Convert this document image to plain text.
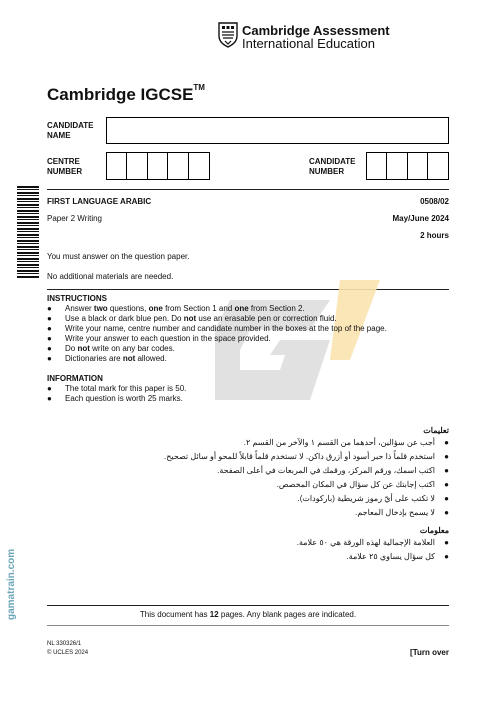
Cambridge Assessment
International Education
Cambridge IGCSE™
CANDIDATE
NAME
CENTRE
NUMBER
CANDIDATE
NUMBER
FIRST LANGUAGE ARABIC	0508/02
Paper 2 Writing	May/June 2024
2 hours
You must answer on the question paper.
No additional materials are needed.
INSTRUCTIONS
●	Answer two questions, one from Section 1 and one from Section 2.
●	Use a black or dark blue pen. Do not use an erasable pen or correction fluid.
●	Write your name, centre number and candidate number in the boxes at the top of the page.
●	Write your answer to each question in the space provided.
●	Do not write on any bar codes.
●	Dictionaries are not allowed.
INFORMATION
●	The total mark for this paper is 50.
●	Each question is worth 25 marks.
تعليمات
●
أجب عن سؤالين، أحدهما من القسم ١ والآخر من القسم ٢.
●
استخدم قلماً ذا حبر أسود أو أزرق داكن. لا تستخدم قلماً قابلاً للمحو أو سائل تصحيح.
●
اكتب اسمك، ورقم المركز، ورقمك في المربعات في أعلى الصفحة.
●
اكتب إجابتك عن كل سؤال في المكان المخصص.
●
لا تكتب على أيّ رموز شريطية (باركودات).
●
لا يسمح بإدخال المعاجم.
معلومات
●
العلامة الإجمالية لهذه الورقة هي ٥٠ علامة.
●
كل سؤال يساوي ٢٥ علامة.
gamatrain.com	This document has 12 pages. Any blank pages are indicated.
NL 330326/1
© UCLES 2024	[Turn over
